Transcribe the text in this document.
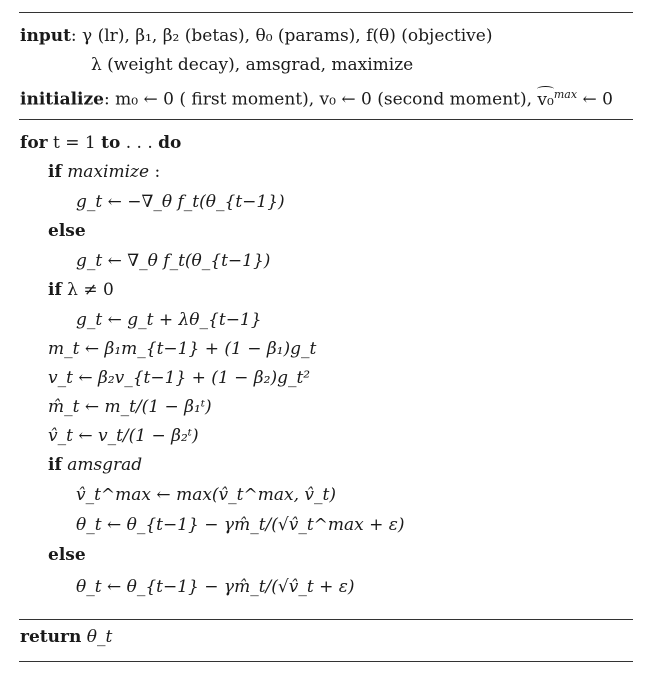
input: γ (lr), β₁, β₂ (betas), θ₀ (params), f(θ) (objective)
λ (weight decay), amsgrad, maximize
initialize: m₀ ← 0 ( first moment), v₀ ← 0 (second moment), v₀$^{max}$ ← 0
for t = 1 to . . . do
if maximize :
g_t ← −∇_θ f_t(θ_{t−1})
else
g_t ← ∇_θ f_t(θ_{t−1})
if λ ≠ 0
g_t ← g_t + λθ_{t−1}
m_t ← β₁m_{t−1} + (1 − β₁)g_t
v_t ← β₂v_{t−1} + (1 − β₂)g_t²
m̂_t ← m_t/(1 − β₁ᵗ)
v̂_t ← v_t/(1 − β₂ᵗ)
if amsgrad
v̂_t^max ← max(v̂_t^max, v̂_t)
θ_t ← θ_{t−1} − γm̂_t/(√v̂_t^max + ε)
else
θ_t ← θ_{t−1} − γm̂_t/(√v̂_t + ε)
return θ_t
